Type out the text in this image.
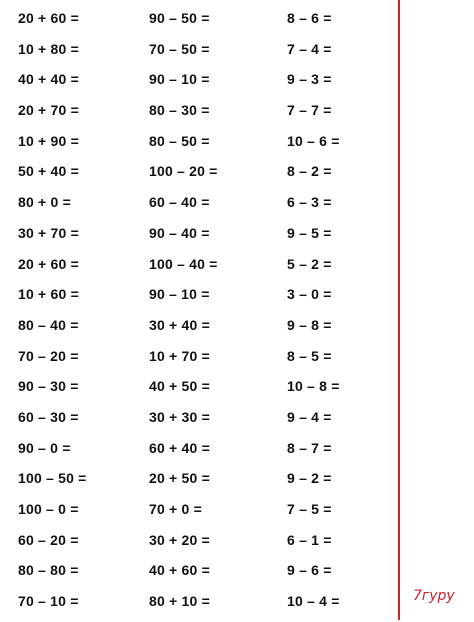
20 + 60 =
10 + 80 =
40 + 40 =
20 + 70 =
10 + 90 =
50 + 40 =
80 + 0 =
30 + 70 =
20 + 60 =
10 + 60 =
80 – 40 =
70 – 20 =
90 – 30 =
60 – 30 =
90 – 0 =
100 – 50 =
100 – 0 =
60 – 20 =
80 – 80 =
70 – 10 =
90 – 50 =
70 – 50 =
90 – 10 =
80 – 30 =
80 – 50 =
100 – 20 =
60 – 40 =
90 – 40 =
100 – 40 =
90 – 10 =
30 + 40 =
10 + 70 =
40 + 50 =
30 + 30 =
60 + 40 =
20 + 50 =
70 + 0 =
30 + 20 =
40 + 60 =
80 + 10 =
8 – 6 =
7 – 4 =
9 – 3 =
7 – 7 =
10 – 6 =
8 – 2 =
6 – 3 =
9 – 5 =
5 – 2 =
3 – 0 =
9 – 8 =
8 – 5 =
10 – 8 =
9 – 4 =
8 – 7 =
9 – 2 =
7 – 5 =
6 – 1 =
9 – 6 =
10 – 4 =	7гуру
